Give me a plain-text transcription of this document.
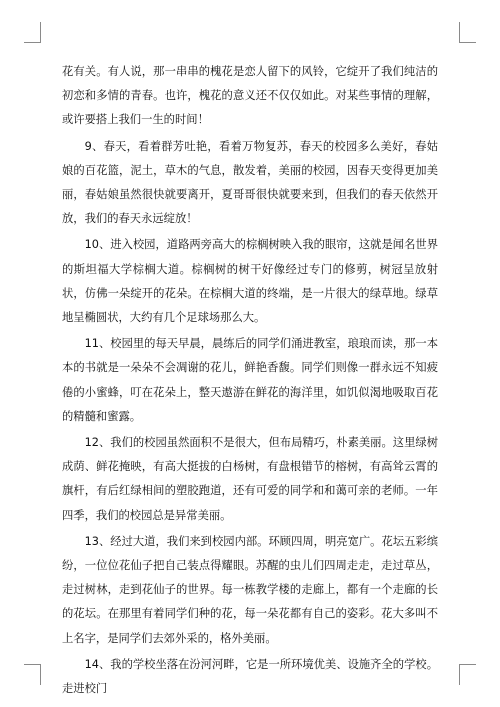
花有关。有人说，那一串串的槐花是恋人留下的风铃，它绽开了我们纯洁的初恋和多情的青春。也许，槐花的意义还不仅仅如此。对某些事情的理解，或许要搭上我们一生的时间！

9、春天，看着群芳吐艳，看着万物复苏，春天的校园多么美好，春姑娘的百花篮，泥土，草木的气息，散发着，美丽的校园，因春天变得更加美丽，春姑娘虽然很快就要离开，夏哥哥很快就要来到，但我们的春天依然开放，我们的春天永远绽放！

10、进入校园，道路两旁高大的棕榈树映入我的眼帘，这就是闻名世界的斯坦福大学棕榈大道。棕榈树的树干好像经过专门的修剪，树冠呈放射状，仿佛一朵绽开的花朵。在棕榈大道的终端，是一片很大的绿草地。绿草地呈椭圆状，大约有几个足球场那么大。

11、校园里的每天早晨，晨练后的同学们涌进教室，琅琅而读，那一本本的书就是一朵朵不会凋谢的花儿，鲜艳香馥。同学们则像一群永远不知疲倦的小蜜蜂，叮在花朵上，整天遨游在鲜花的海洋里，如饥似渴地吸取百花的精髓和蜜露。

12、我们的校园虽然面积不是很大，但布局精巧，朴素美丽。这里绿树成荫、鲜花掩映，有高大挺拔的白杨树，有盘根错节的榕树，有高耸云霄的旗杆，有后红绿相间的塑胶跑道，还有可爱的同学和和蔼可亲的老师。一年四季，我们的校园总是异常美丽。

13、经过大道，我们来到校园内部。环顾四周，明亮宽广。花坛五彩缤纷，一位位花仙子把自己装点得耀眼。苏醒的虫儿们四周走走，走过草丛，走过树林，走到花仙子的世界。每一栋教学楼的走廊上，都有一个走廊的长的花坛。在那里有着同学们种的花，每一朵花都有自己的姿彩。花大多叫不上名字，是同学们去郊外采的，格外美丽。

14、我的学校坐落在汾河河畔，它是一所环境优美、设施齐全的学校。走进校门
